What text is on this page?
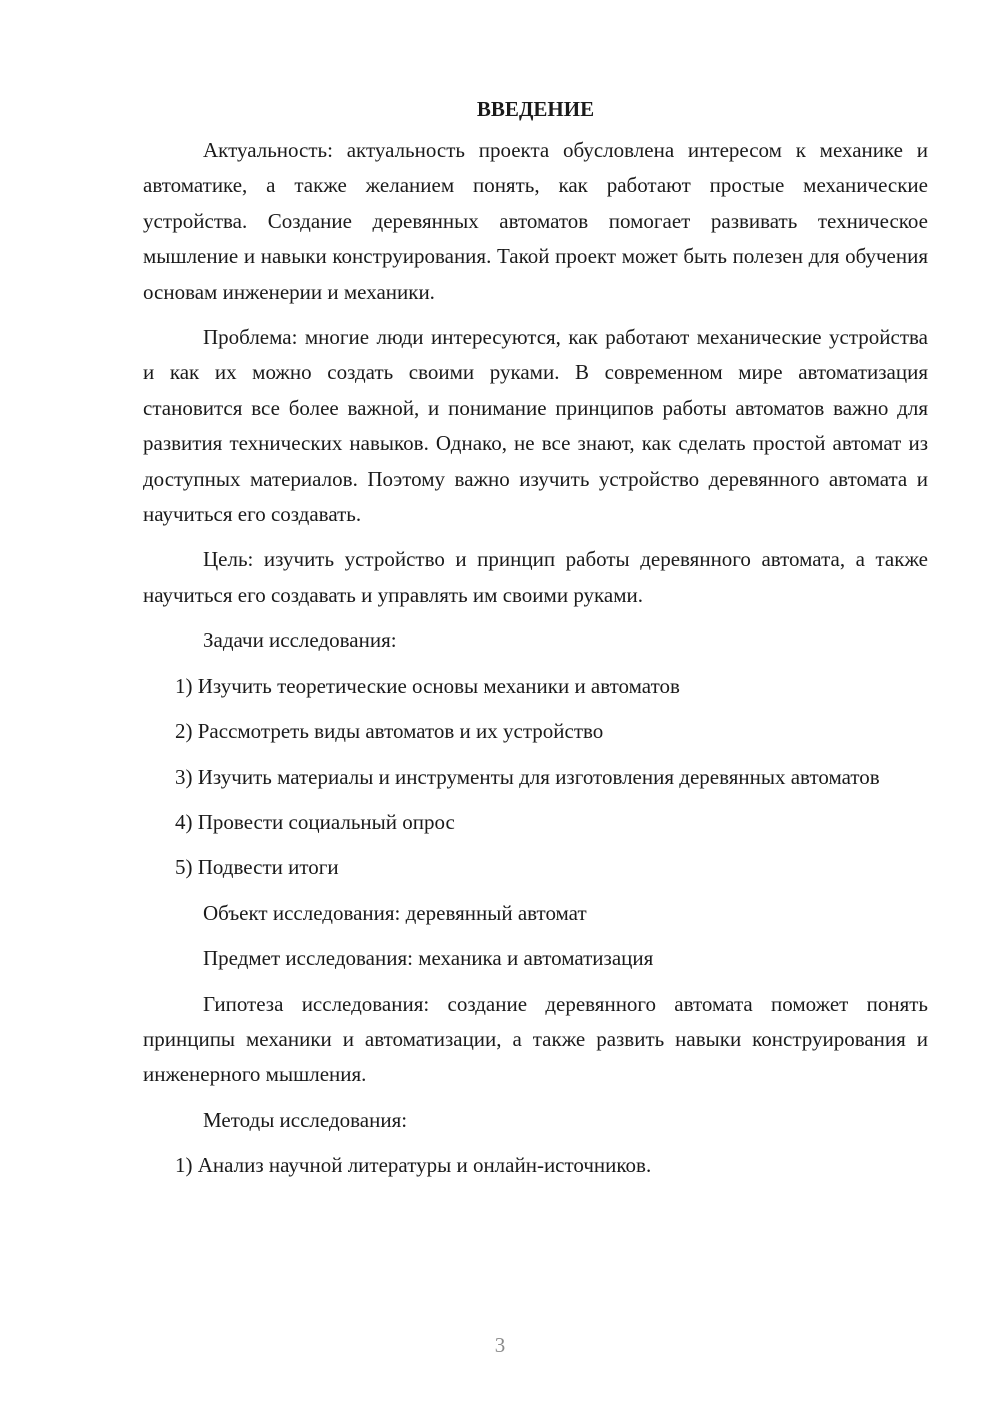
ВВЕДЕНИЕ

Актуальность: актуальность проекта обусловлена интересом к механике и автоматике, а также желанием понять, как работают простые механические устройства. Создание деревянных автоматов помогает развивать техническое мышление и навыки конструирования. Такой проект может быть полезен для обучения основам инженерии и механики.

Проблема: многие люди интересуются, как работают механические устройства и как их можно создать своими руками. В современном мире автоматизация становится все более важной, и понимание принципов работы автоматов важно для развития технических навыков. Однако, не все знают, как сделать простой автомат из доступных материалов. Поэтому важно изучить устройство деревянного автомата и научиться его создавать.

Цель: изучить устройство и принцип работы деревянного автомата, а также научиться его создавать и управлять им своими руками.

Задачи исследования:

1) Изучить теоретические основы механики и автоматов

2) Рассмотреть виды автоматов и их устройство

3) Изучить материалы и инструменты для изготовления деревянных автоматов

4) Провести социальный опрос

5) Подвести итоги

Объект исследования: деревянный автомат

Предмет исследования: механика и автоматизация

Гипотеза исследования: создание деревянного автомата поможет понять принципы механики и автоматизации, а также развить навыки конструирования и инженерного мышления.

Методы исследования:

1) Анализ научной литературы и онлайн-источников.

3
